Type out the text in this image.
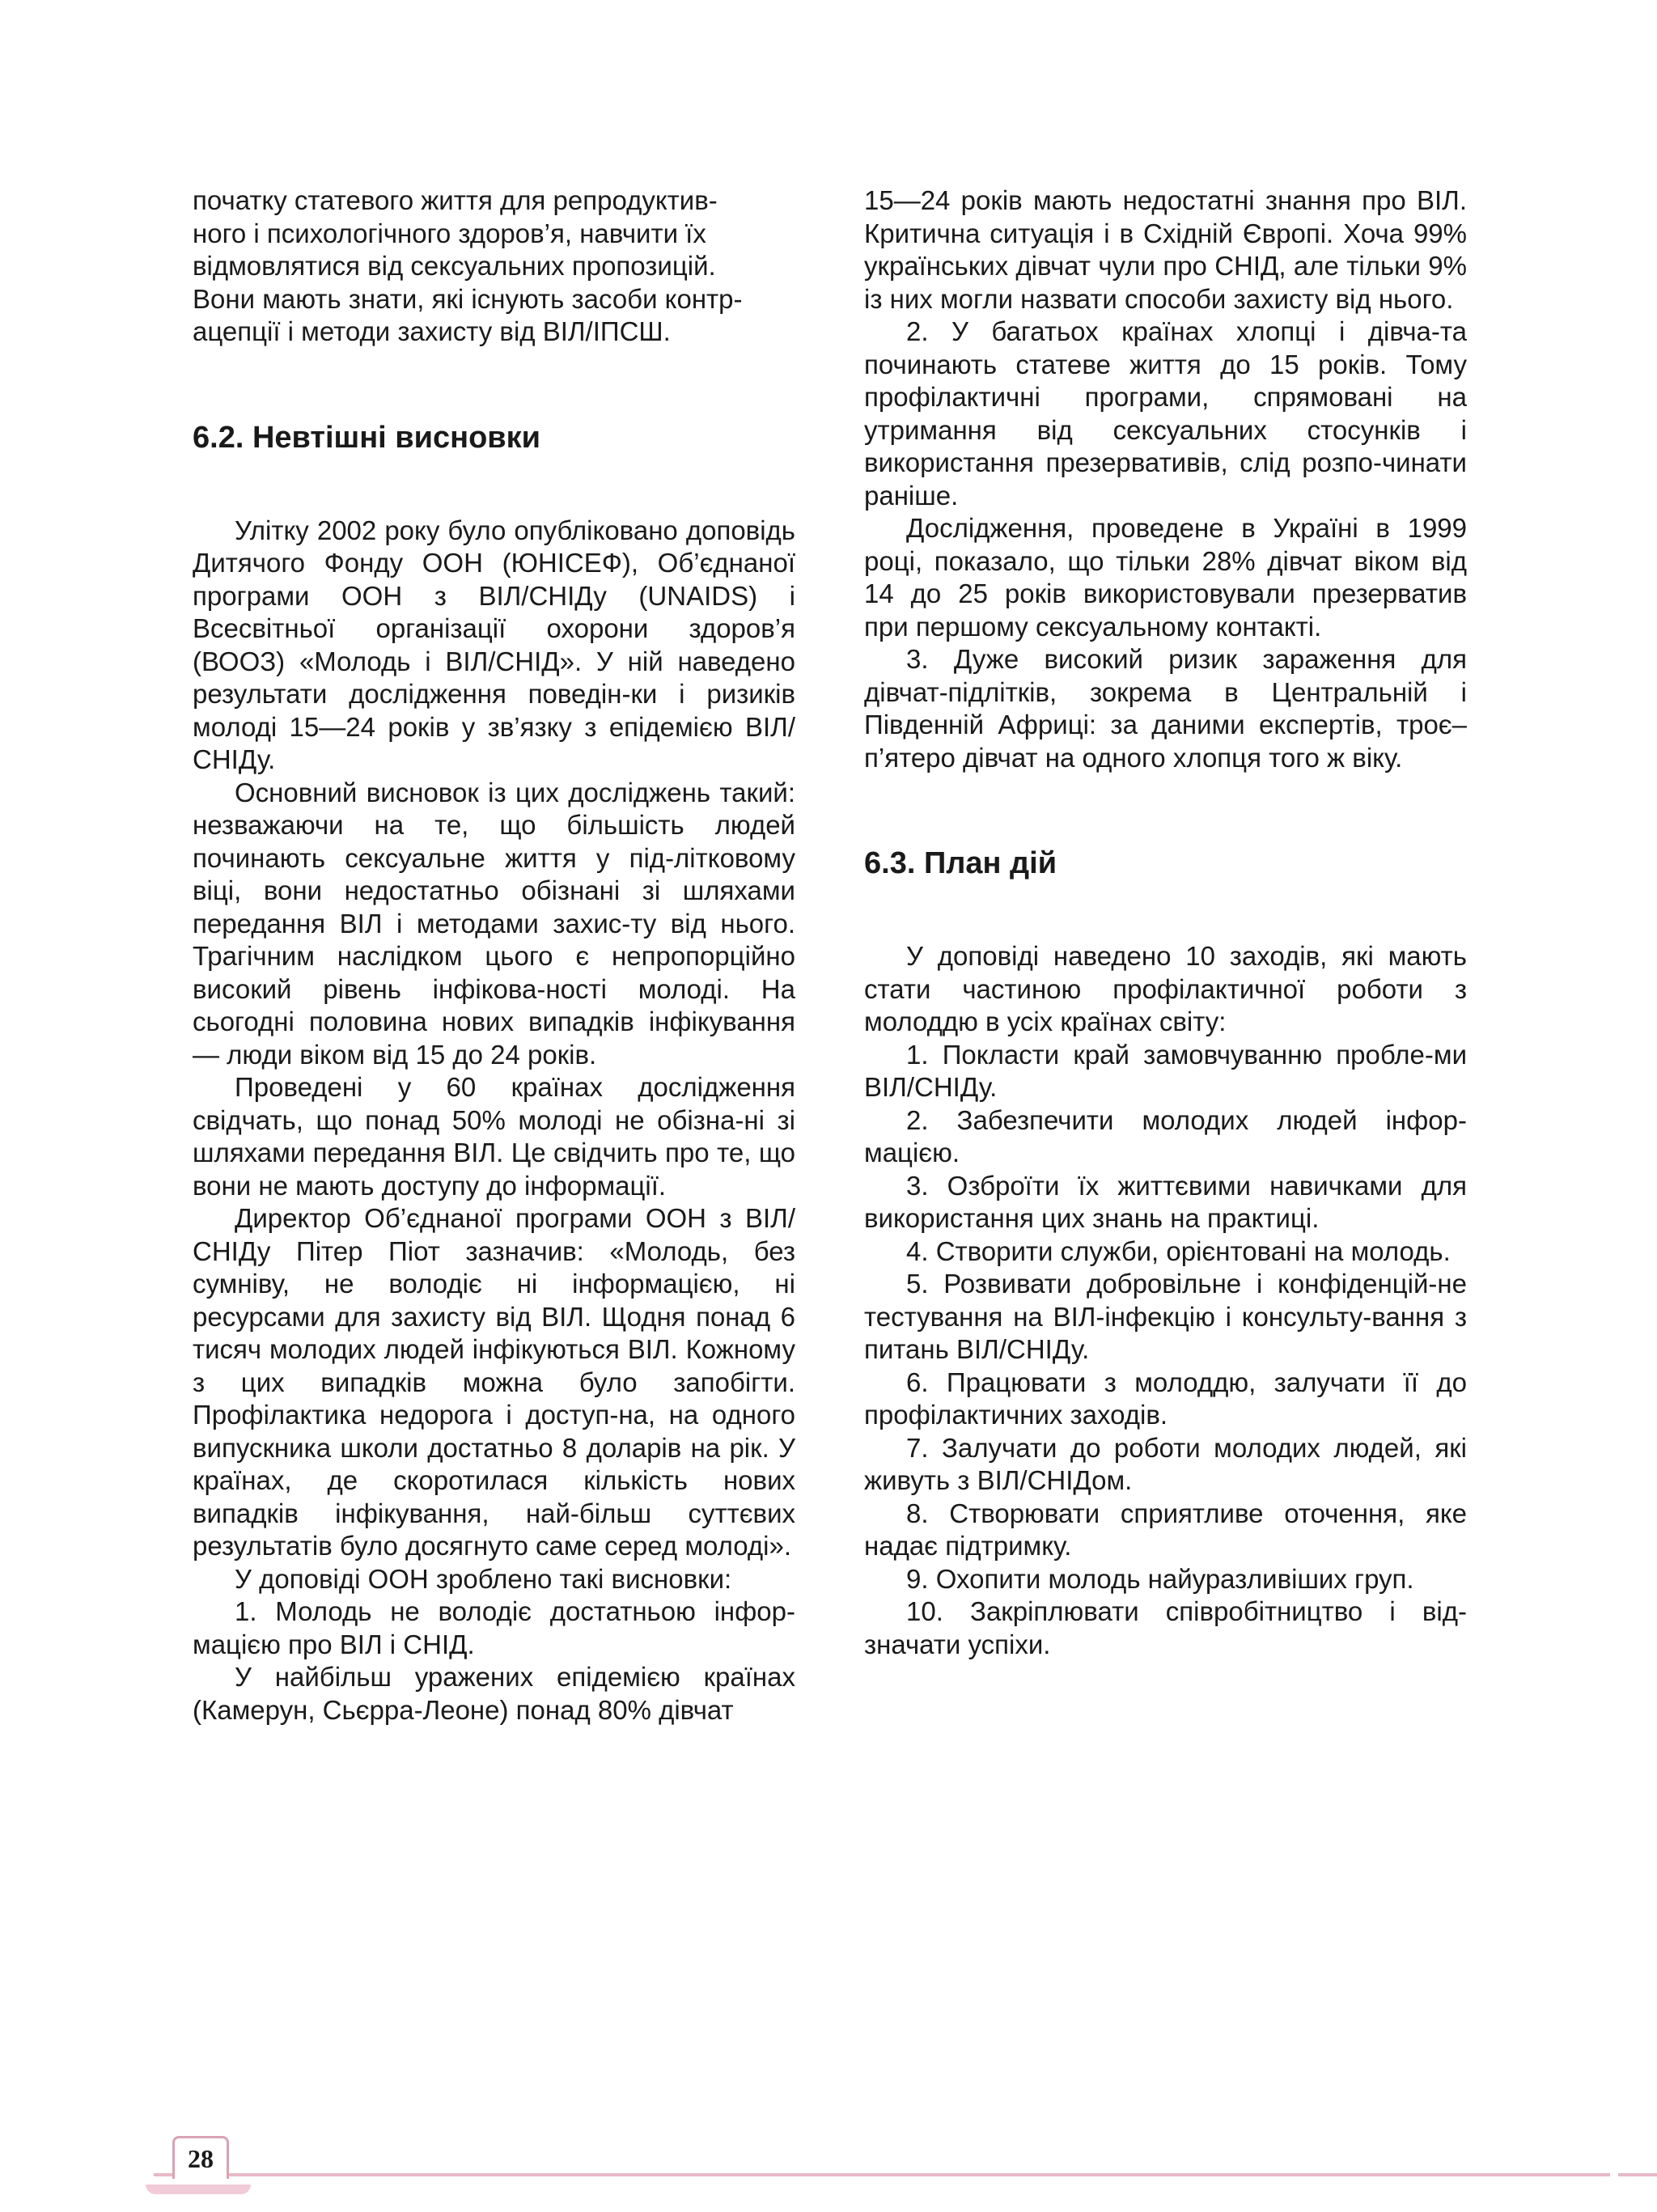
початку статевого життя для репродуктив-

ного і психологічного здоров’я, навчити їх

відмовлятися від сексуальних пропозицій.

Вони мають знати, які існують засоби контр-

ацепції і методи захисту від ВІЛ/ІПСШ.

6.2. Невтішні висновки

Улітку 2002 року було опубліковано доповідь Дитячого Фонду ООН (ЮНІСЕФ), Об’єднаної програми ООН з ВІЛ/СНІДу (UNAIDS) і Всесвітньої організації охорони здоров’я (ВООЗ) «Молодь і ВІЛ/СНІД». У ній наведено результати дослідження поведін-ки і ризиків молоді 15—24 років у зв’язку з епідемією ВІЛ/СНІДу.

Основний висновок із цих досліджень такий: незважаючи на те, що більшість людей починають сексуальне життя у під-літковому віці, вони недостатньо обізнані зі шляхами передання ВІЛ і методами захис-ту від нього. Трагічним наслідком цього є непропорційно високий рівень інфікова-ності молоді. На сьогодні половина нових випадків інфікування — люди віком від 15 до 24 років.

Проведені у 60 країнах дослідження свідчать, що понад 50% молоді не обізна-ні зі шляхами передання ВІЛ. Це свідчить про те, що вони не мають доступу до інформації.

Директор Об’єднаної програми ООН з ВІЛ/СНІДу Пітер Піот зазначив: «Молодь, без сумніву, не володіє ні інформацією, ні ресурсами для захисту від ВІЛ. Щодня понад 6 тисяч молодих людей інфікуються ВІЛ. Кожному з цих випадків можна було запобігти. Профілактика недорога і доступ-на, на одного випускника школи достатньо 8 доларів на рік. У країнах, де скоротилася кількість нових випадків інфікування, най-більш суттєвих результатів було досягнуто саме серед молоді».

У доповіді ООН зроблено такі висновки:

1. Молодь не володіє достатньою інфор-мацією про ВІЛ і СНІД.

У найбільш уражених епідемією країнах (Камерун, Сьєрра-Леоне) понад 80% дівчат

15—24 років мають недостатні знання про ВІЛ. Критична ситуація і в Східній Європі. Хоча 99% українських дівчат чули про СНІД, але тільки 9% із них могли назвати способи захисту від нього.

2. У багатьох країнах хлопці і дівча-та починають статеве життя до 15 років. Тому профілактичні програми, спрямовані на утримання від сексуальних стосунків і використання презервативів, слід розпо-чинати раніше.

Дослідження, проведене в Україні в 1999 році, показало, що тільки 28% дівчат віком від 14 до 25 років використовували презерватив при першому сексуальному контакті.

3. Дуже високий ризик зараження для дівчат-підлітків, зокрема в Центральній і Південній Африці: за даними експертів, троє–п’ятеро дівчат на одного хлопця того ж віку.

6.3. План дій

У доповіді наведено 10 заходів, які мають стати частиною профілактичної роботи з молоддю в усіх країнах світу:

1. Покласти край замовчуванню пробле-ми ВІЛ/СНІДу.

2. Забезпечити молодих людей інфор-мацією.

3. Озброїти їх життєвими навичками для використання цих знань на практиці.

4. Створити служби, орієнтовані на молодь.

5. Розвивати добровільне і конфіденцій-не тестування на ВІЛ-інфекцію і консульту-вання з питань ВІЛ/СНІДу.

6. Працювати з молоддю, залучати її до профілактичних заходів.

7. Залучати до роботи молодих людей, які живуть з ВІЛ/СНІДом.

8. Створювати сприятливе оточення, яке надає підтримку.

9. Охопити молодь найуразливіших груп.

10. Закріплювати співробітництво і від-значати успіхи.

28
